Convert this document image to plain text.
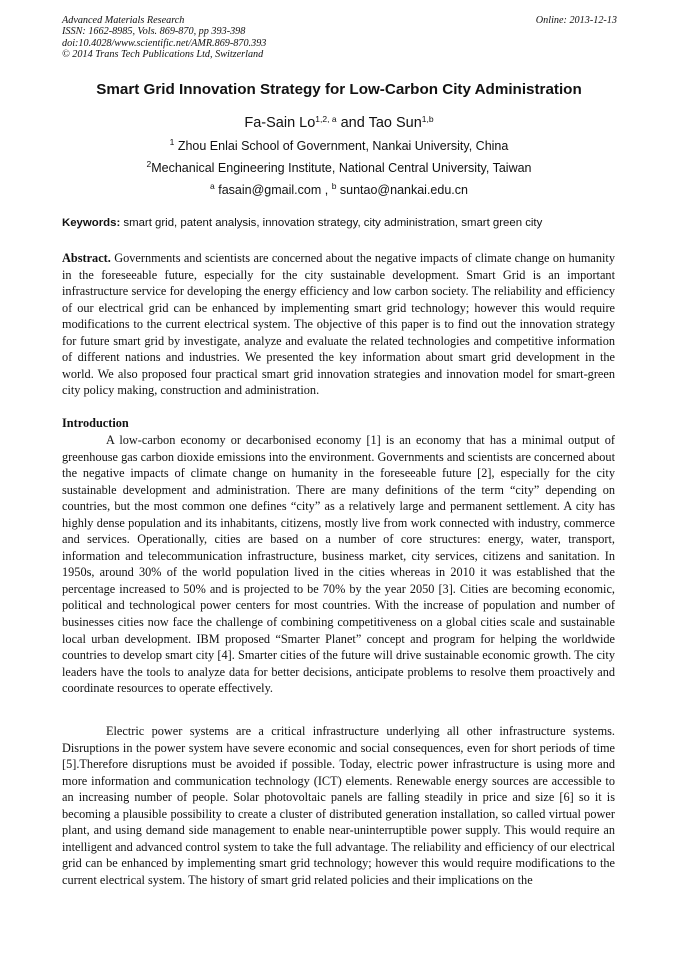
Advanced Materials Research
ISSN: 1662-8985, Vols. 869-870, pp 393-398
doi:10.4028/www.scientific.net/AMR.869-870.393
© 2014 Trans Tech Publications Ltd, Switzerland
Online: 2013-12-13
Smart Grid Innovation Strategy for Low-Carbon City Administration
Fa-Sain Lo$^{1,2, a}$ and Tao Sun$^{1,b}$
$^1$ Zhou Enlai School of Government, Nankai University, China
$^2$Mechanical Engineering Institute, National Central University, Taiwan
$^a$ fasain@gmail.com , $^b$ suntao@nankai.edu.cn
Keywords: smart grid, patent analysis, innovation strategy, city administration, smart green city
Abstract. Governments and scientists are concerned about the negative impacts of climate change on humanity in the foreseeable future, especially for the city sustainable development. Smart Grid is an important infrastructure service for developing the energy efficiency and low carbon society. The reliability and efficiency of our electrical grid can be enhanced by implementing smart grid technology; however this would require modifications to the current electrical system. The objective of this paper is to find out the innovation strategy for future smart grid by investigate, analyze and evaluate the related technologies and competitive information of different nations and industries. We presented the key information about smart grid development in the world. We also proposed four practical smart grid innovation strategies and innovation model for smart-green city policy making, construction and administration.
Introduction
A low-carbon economy or decarbonised economy [1] is an economy that has a minimal output of greenhouse gas carbon dioxide emissions into the environment. Governments and scientists are concerned about the negative impacts of climate change on humanity in the foreseeable future [2], especially for the city sustainable development and administration. There are many definitions of the term “city” depending on countries, but the most common one defines “city” as a relatively large and permanent settlement. A city has highly dense population and its inhabitants, citizens, mostly live from work connected with industry, commerce and services. Operationally, cities are based on a number of core structures: energy, water, transport, information and telecommunication infrastructure, business market, city services, citizens and sanitation. In 1950s, around 30% of the world population lived in the cities whereas in 2010 it was established that the percentage increased to 50% and is projected to be 70% by the year 2050 [3]. Cities are becoming economic, political and technological power centers for most countries. With the increase of population and number of businesses cities now face the challenge of combining competitiveness on a global cities scale and sustainable local urban development. IBM proposed “Smarter Planet” concept and program for helping the worldwide countries to develop smart city [4]. Smarter cities of the future will drive sustainable economic growth. The city leaders have the tools to analyze data for better decisions, anticipate problems to resolve them proactively and coordinate resources to operate effectively.
Electric power systems are a critical infrastructure underlying all other infrastructure systems. Disruptions in the power system have severe economic and social consequences, even for short periods of time [5].Therefore disruptions must be avoided if possible. Today, electric power infrastructure is using more and more information and communication technology (ICT) elements. Renewable energy sources are accessible to an increasing number of people. Solar photovoltaic panels are falling steadily in price and size [6] so it is becoming a plausible possibility to create a cluster of distributed generation installation, so called virtual power plant, and using demand side management to enable near-uninterruptible power supply. This would require an intelligent and advanced control system to take the full advantage. The reliability and efficiency of our electrical grid can be enhanced by implementing smart grid technology; however this would require modifications to the current electrical system. The history of smart grid related policies and their implications on the
